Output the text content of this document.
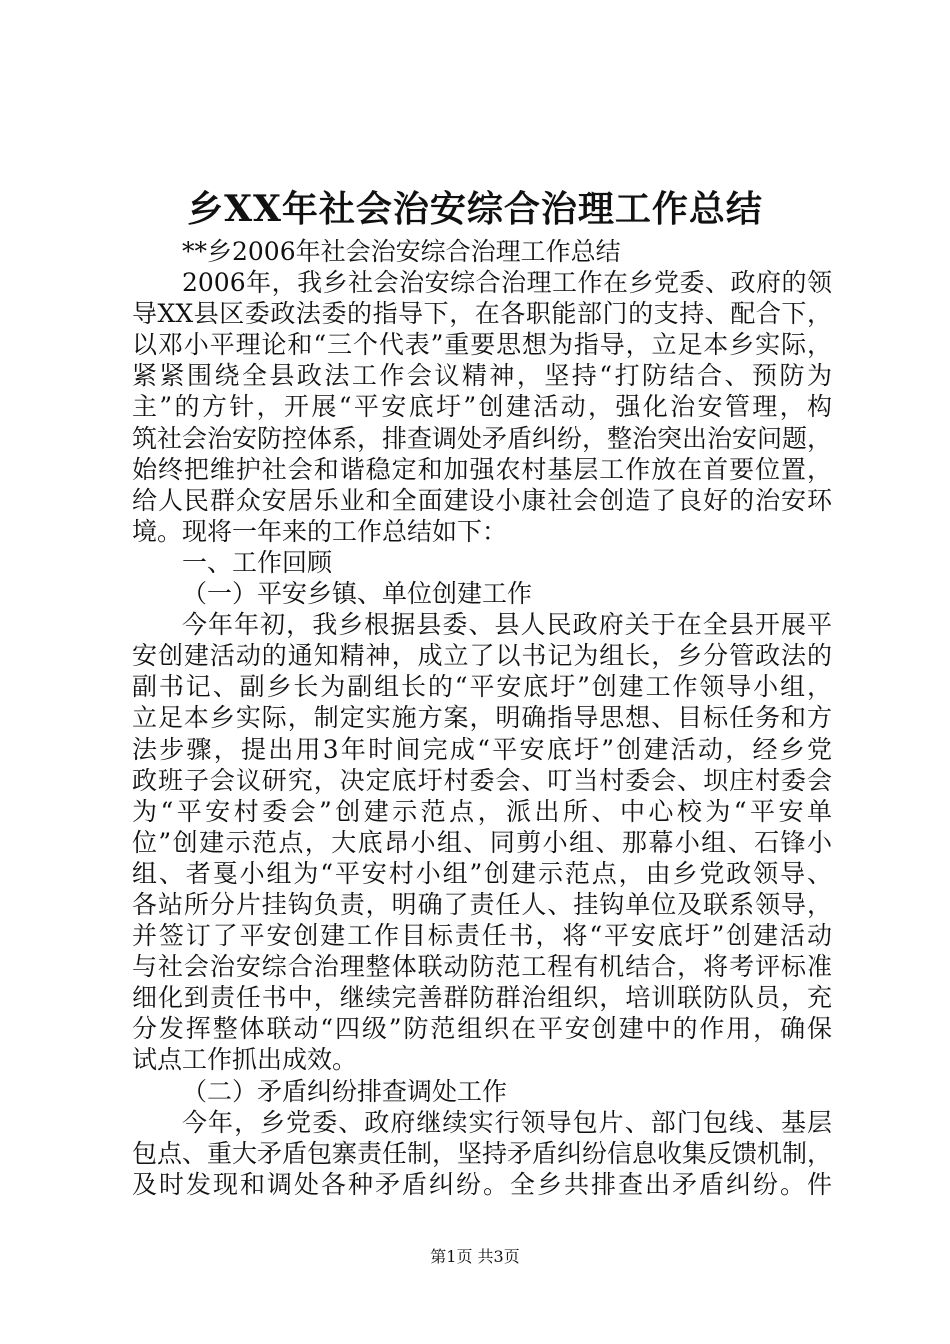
乡XX年社会治安综合治理工作总结
**乡2006年社会治安综合治理工作总结
2006年，我乡社会治安综合治理工作在乡党委、政府的领
导XX县区委政法委的指导下，在各职能部门的支持、配合下，
以邓小平理论和“三个代表”重要思想为指导，立足本乡实际，
紧紧围绕全县政法工作会议精神，坚持“打防结合、预防为
主”的方针，开展“平安底圩”创建活动，强化治安管理，构
筑社会治安防控体系，排查调处矛盾纠纷，整治突出治安问题，
始终把维护社会和谐稳定和加强农村基层工作放在首要位置，
给人民群众安居乐业和全面建设小康社会创造了良好的治安环
境。现将一年来的工作总结如下：
一、工作回顾
（一）平安乡镇、单位创建工作
今年年初，我乡根据县委、县人民政府关于在全县开展平
安创建活动的通知精神，成立了以书记为组长，乡分管政法的
副书记、副乡长为副组长的“平安底圩”创建工作领导小组，
立足本乡实际，制定实施方案，明确指导思想、目标任务和方
法步骤，提出用3年时间完成“平安底圩”创建活动，经乡党
政班子会议研究，决定底圩村委会、叮当村委会、坝庄村委会
为“平安村委会”创建示范点，派出所、中心校为“平安单
位”创建示范点，大底昂小组、同剪小组、那幕小组、石锋小
组、者戛小组为“平安村小组”创建示范点，由乡党政领导、
各站所分片挂钩负责，明确了责任人、挂钩单位及联系领导，
并签订了平安创建工作目标责任书，将“平安底圩”创建活动
与社会治安综合治理整体联动防范工程有机结合，将考评标准
细化到责任书中，继续完善群防群治组织，培训联防队员，充
分发挥整体联动“四级”防范组织在平安创建中的作用，确保
试点工作抓出成效。
（二）矛盾纠纷排查调处工作
今年，乡党委、政府继续实行领导包片、部门包线、基层
包点、重大矛盾包寨责任制，坚持矛盾纠纷信息收集反馈机制，
及时发现和调处各种矛盾纠纷。全乡共排查出矛盾纠纷。件
第1页 共3页
